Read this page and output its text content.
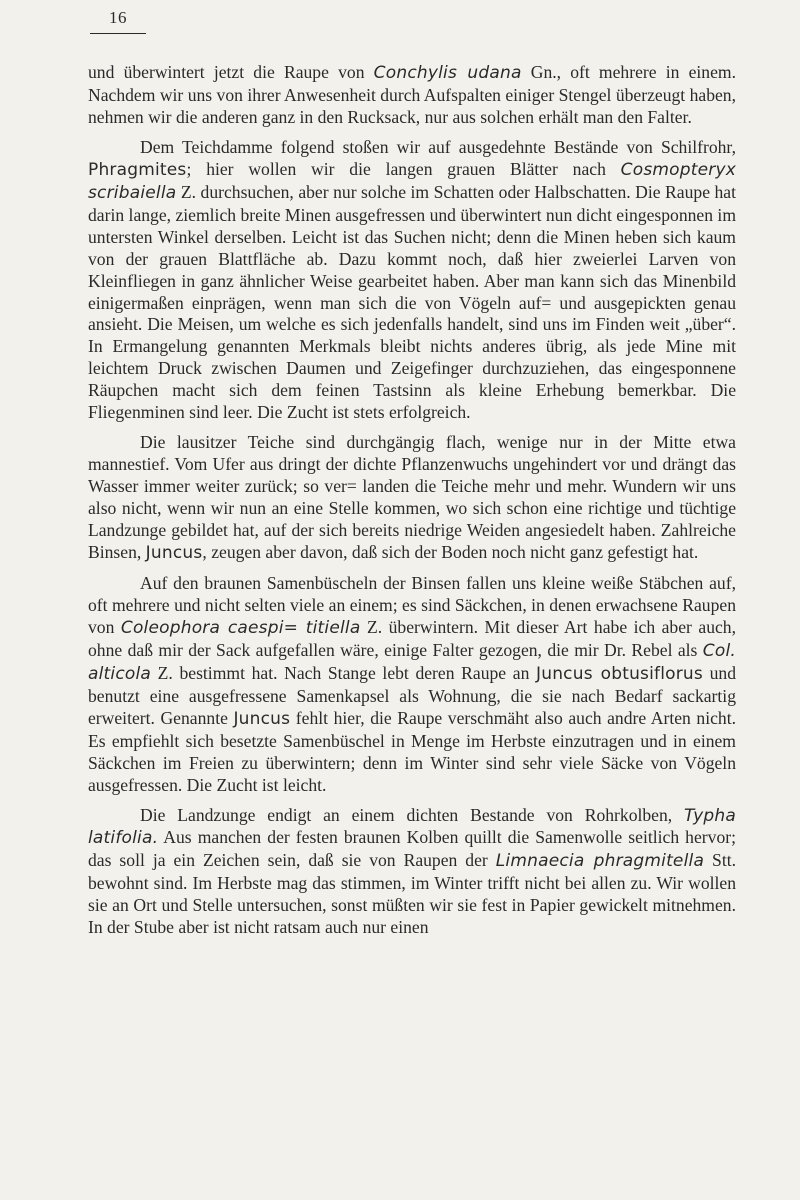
16

und überwintert jetzt die Raupe von Conchylis udana Gn., oft mehrere in einem. Nachdem wir uns von ihrer Anwesenheit durch Aufspalten einiger Stengel überzeugt haben, nehmen wir die anderen ganz in den Rucksack, nur aus solchen erhält man den Falter.

Dem Teichdamme folgend stoßen wir auf ausgedehnte Bestände von Schilfrohr, Phragmites; hier wollen wir die langen grauen Blätter nach Cosmopteryx scribaiella Z. durchsuchen, aber nur solche im Schatten oder Halbschatten. Die Raupe hat darin lange, ziemlich breite Minen ausgefressen und überwintert nun dicht eingesponnen im untersten Winkel derselben. Leicht ist das Suchen nicht; denn die Minen heben sich kaum von der grauen Blattfläche ab. Dazu kommt noch, daß hier zweierlei Larven von Kleinfliegen in ganz ähnlicher Weise gearbeitet haben. Aber man kann sich das Minenbild einigermaßen einprägen, wenn man sich die von Vögeln auf= und ausgepickten genau ansieht. Die Meisen, um welche es sich jedenfalls handelt, sind uns im Finden weit „über“. In Ermangelung genannten Merkmals bleibt nichts anderes übrig, als jede Mine mit leichtem Druck zwischen Daumen und Zeigefinger durchzuziehen, das eingesponnene Räupchen macht sich dem feinen Tastsinn als kleine Erhebung bemerkbar. Die Fliegenminen sind leer. Die Zucht ist stets erfolgreich.

Die lausitzer Teiche sind durchgängig flach, wenige nur in der Mitte etwa mannestief. Vom Ufer aus dringt der dichte Pflanzenwuchs ungehindert vor und drängt das Wasser immer weiter zurück; so ver= landen die Teiche mehr und mehr. Wundern wir uns also nicht, wenn wir nun an eine Stelle kommen, wo sich schon eine richtige und tüchtige Landzunge gebildet hat, auf der sich bereits niedrige Weiden angesiedelt haben. Zahlreiche Binsen, Juncus, zeugen aber davon, daß sich der Boden noch nicht ganz gefestigt hat.

Auf den braunen Samenbüscheln der Binsen fallen uns kleine weiße Stäbchen auf, oft mehrere und nicht selten viele an einem; es sind Säckchen, in denen erwachsene Raupen von Coleophora caespi= titiella Z. überwintern. Mit dieser Art habe ich aber auch, ohne daß mir der Sack aufgefallen wäre, einige Falter gezogen, die mir Dr. Rebel als Col. alticola Z. bestimmt hat. Nach Stange lebt deren Raupe an Juncus obtusiflorus und benutzt eine ausgefressene Samenkapsel als Wohnung, die sie nach Bedarf sackartig erweitert. Genannte Juncus fehlt hier, die Raupe verschmäht also auch andre Arten nicht. Es empfiehlt sich besetzte Samenbüschel in Menge im Herbste einzutragen und in einem Säckchen im Freien zu überwintern; denn im Winter sind sehr viele Säcke von Vögeln ausgefressen. Die Zucht ist leicht.

Die Landzunge endigt an einem dichten Bestande von Rohrkolben, Typha latifolia. Aus manchen der festen braunen Kolben quillt die Samenwolle seitlich hervor; das soll ja ein Zeichen sein, daß sie von Raupen der Limnaecia phragmitella Stt. bewohnt sind. Im Herbste mag das stimmen, im Winter trifft nicht bei allen zu. Wir wollen sie an Ort und Stelle untersuchen, sonst müßten wir sie fest in Papier gewickelt mitnehmen. In der Stube aber ist nicht ratsam auch nur einen
